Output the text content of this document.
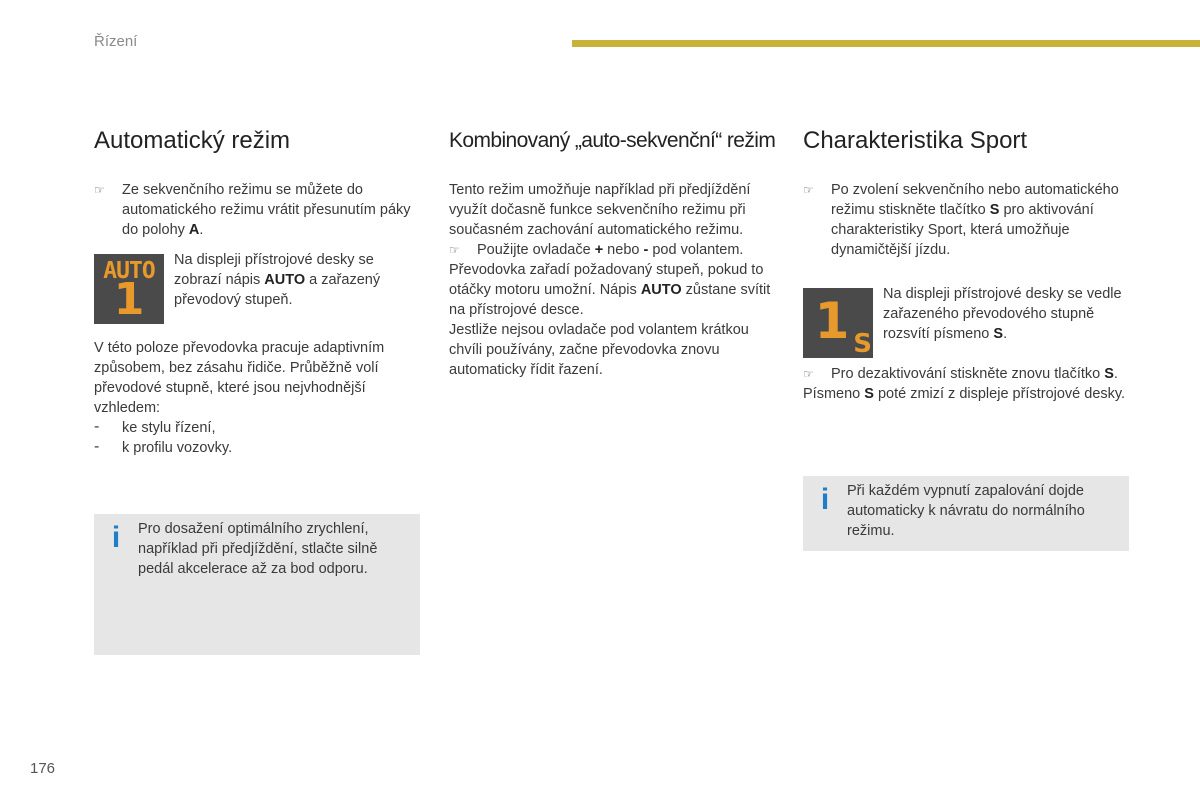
Řízení
Automatický režim
☞	Ze sekvenčního režimu se můžete do automatického režimu vrátit přesunutím páky do polohy A.

AUTO
1

Na displeji přístrojové desky se zobrazí nápis AUTO a zařazený převodový stupeň.

V této poloze převodovka pracuje adaptivním způsobem, bez zásahu řidiče. Průběžně volí převodové stupně, které jsou nejvhodnější vzhledem:

-	ke stylu řízení,

-	k profilu vozovky.

i	Pro dosažení optimálního zrychlení, například při předjíždění, stlačte silně pedál akcelerace až za bod odporu.

Kombinovaný „auto-sekvenční“ režim

Tento režim umožňuje například při předjíždění využít dočasně funkce sekvenčního režimu při současném zachování automatického režimu.

☞	Použijte ovladače + nebo - pod volantem.

Převodovka zařadí požadovaný stupeň, pokud to otáčky motoru umožní. Nápis AUTO zůstane svítit na přístrojové desce.

Jestliže nejsou ovladače pod volantem krátkou chvíli používány, začne převodovka znovu automaticky řídit řazení.

Charakteristika Sport
☞	Po zvolení sekvenčního nebo automatického režimu stiskněte tlačítko S pro aktivování charakteristiky Sport, která umožňuje dynamičtější jízdu.

1 S

Na displeji přístrojové desky se vedle zařazeného převodového stupně rozsvítí písmeno S.

☞	Pro dezaktivování stiskněte znovu tlačítko S.

Písmeno S poté zmizí z displeje přístrojové desky.

i	Při každém vypnutí zapalování dojde automaticky k návratu do normálního režimu.

176
